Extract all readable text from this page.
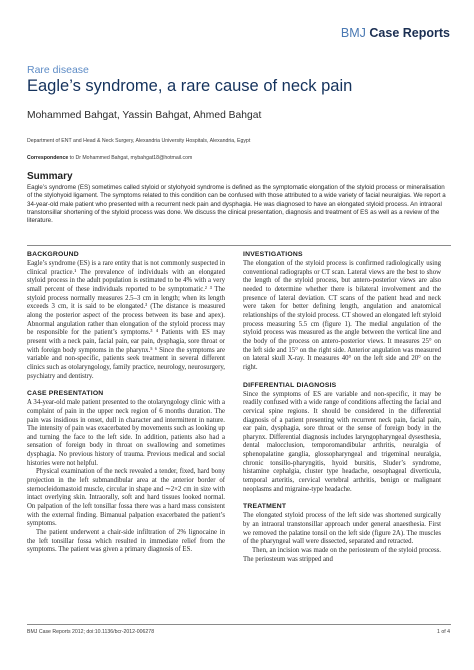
BMJ Case Reports
Rare disease
Eagle’s syndrome, a rare cause of neck pain
Mohammed Bahgat, Yassin Bahgat, Ahmed Bahgat
Department of ENT and Head & Neck Surgery, Alexandria University Hospitals, Alexandria, Egypt
Correspondence to Dr Mohammed Bahgat, mybahgat18@hotmail.com
Summary

Eagle’s syndrome (ES) sometimes called styloid or stylohyoid syndrome is defined as the symptomatic elongation of the styloid process or mineralisation of the stylohyoid ligament. The symptoms related to this condition can be confused with those attributed to a wide variety of facial neuralgias. We report a 34-year-old male patient who presented with a recurrent neck pain and dysphagia. He was diagnosed to have an elongated styloid process. An intraoral transtonsillar shortening of the styloid process was done. We discuss the clinical presentation, diagnosis and treatment of ES as well as a review of the literature.

BACKGROUND

Eagle’s syndrome (ES) is a rare entity that is not commonly suspected in clinical practice.¹ The prevalence of individuals with an elongated styloid process in the adult population is estimated to be 4% with a very small percent of these individuals reported to be symptomatic.² ³ The styloid process normally measures 2.5–3 cm in length; when its length exceeds 3 cm, it is said to be elongated.³ (The distance is measured along the posterior aspect of the process between its base and apex). Abnormal angulation rather than elongation of the styloid process may be responsible for the patient’s symptoms.³ ⁴ Patients with ES may present with a neck pain, facial pain, ear pain, dysphagia, sore throat or with foreign body symptoms in the pharynx.⁵ ⁶ Since the symptoms are variable and non-specific, patients seek treatment in several different clinics such as otolaryngology, family practice, neurology, neurosurgery, psychiatry and dentistry.

CASE PRESENTATION

A 34-year-old male patient presented to the otolaryngology clinic with a complaint of pain in the upper neck region of 6 months duration. The pain was insidious in onset, dull in character and intermittent in nature. The intensity of pain was exacerbated by movements such as looking up and turning the face to the left side. In addition, patients also had a sensation of foreign body in throat on swallowing and sometimes dysphagia. No previous history of trauma. Previous medical and social histories were not helpful.

Physical examination of the neck revealed a tender, fixed, hard bony projection in the left submandibular area at the anterior border of sternocleidomastoid muscle, circular in shape and ∼2×2 cm in size with intact overlying skin. Intraorally, soft and hard tissues looked normal. On palpation of the left tonsillar fossa there was a hard mass consistent with the external finding. Bimanual palpation exacerbated the patient’s symptoms.

The patient underwent a chair-side infiltration of 2% lignocaine in the left tonsillar fossa which resulted in immediate relief from the symptoms. The patient was given a primary diagnosis of ES.

INVESTIGATIONS

The elongation of the styloid process is confirmed radiologically using conventional radiographs or CT scan. Lateral views are the best to show the length of the styloid process, but antero-posterior views are also needed to determine whether there is bilateral involvement and the presence of lateral deviation. CT scans of the patient head and neck were taken for better defining length, angulation and anatomical relationships of the styloid process. CT showed an elongated left styloid process measuring 5.5 cm (figure 1). The medial angulation of the styloid process was measured as the angle between the vertical line and the body of the process on antero-posterior views. It measures 25° on the left side and 15° on the right side. Anterior angulation was measured on lateral skull X-ray. It measures 40° on the left side and 20° on the right.

DIFFERENTIAL DIAGNOSIS

Since the symptoms of ES are variable and non-specific, it may be readily confused with a wide range of conditions affecting the facial and cervical spine regions. It should be considered in the differential diagnosis of a patient presenting with recurrent neck pain, facial pain, ear pain, dysphagia, sore throat or the sense of foreign body in the pharynx. Differential diagnosis includes laryngopharyngeal dysesthesia, dental malocclusion, temporomandibular arthritis, neuralgia of sphenopalatine ganglia, glossopharyngeal and trigeminal neuralgia, chronic tonsillo-pharyngitis, hyoid bursitis, Sluder’s syndrome, histamine cephalgia, cluster type headache, oesophageal diverticula, temporal arteritis, cervical vertebral arthritis, benign or malignant neoplasms and migraine-type headache.

TREATMENT

The elongated styloid process of the left side was shortened surgically by an intraoral transtonsillar approach under general anaesthesia. First we removed the palatine tonsil on the left side (figure 2A). The muscles of the pharyngeal wall were dissected, separated and retracted.

Then, an incision was made on the periosteum of the styloid process. The periosteum was stripped and

BMJ Case Reports 2012; doi:10.1136/bcr-2012-006278	1 of 4
